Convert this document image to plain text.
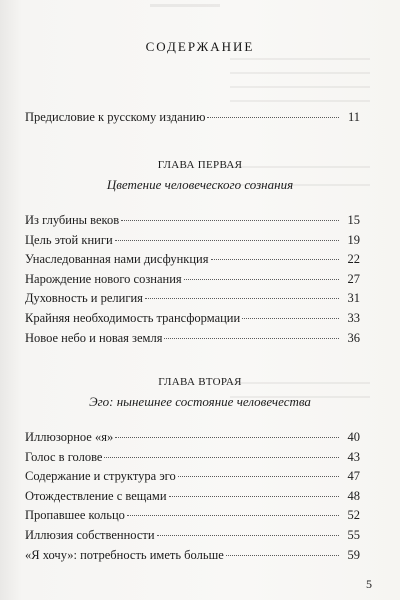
СОДЕРЖАНИЕ
Предисловие к русскому изданию	11
ГЛАВА ПЕРВАЯ
Цветение человеческого сознания
Из глубины веков	15
Цель этой книги	19
Унаследованная нами дисфункция	22
Нарождение нового сознания	27
Духовность и религия	31
Крайняя необходимость трансформации	33
Новое небо и новая земля	36
ГЛАВА ВТОРАЯ
Эго: нынешнее состояние человечества
Иллюзорное «я»	40
Голос в голове	43
Содержание и структура эго	47
Отождествление с вещами	48
Пропавшее кольцо	52
Иллюзия собственности	55
«Я хочу»: потребность иметь больше	59
5
